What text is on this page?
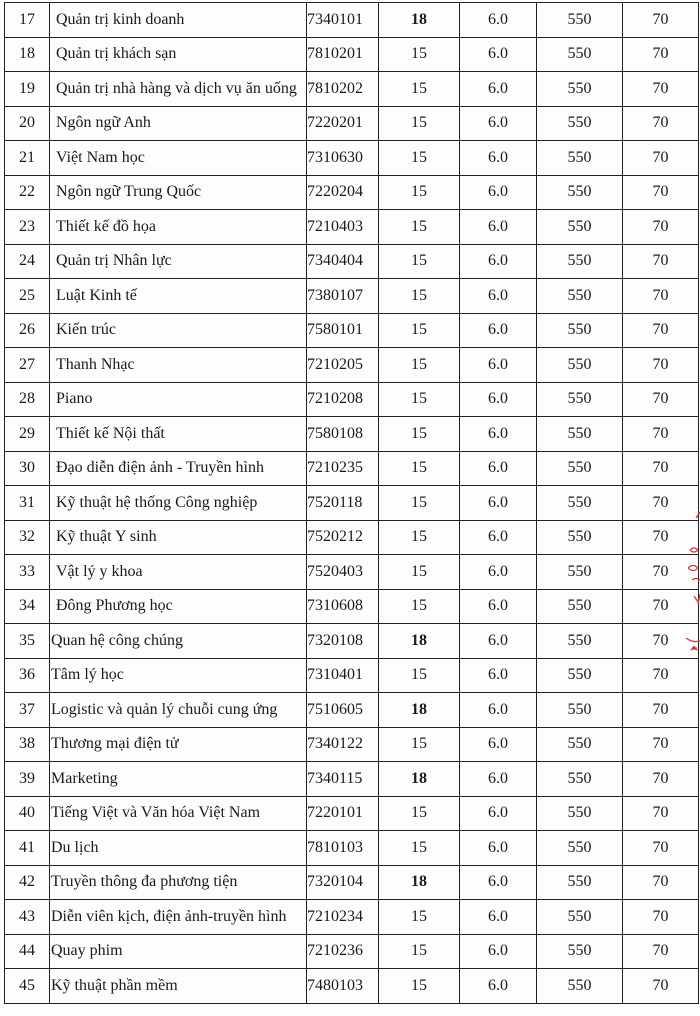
17	Quản trị kinh doanh	7340101	18	6.0	550	70
18	Quản trị khách sạn	7810201	15	6.0	550	70
19	Quản trị nhà hàng và dịch vụ ăn uống	7810202	15	6.0	550	70
20	Ngôn ngữ Anh	7220201	15	6.0	550	70
21	Việt Nam học	7310630	15	6.0	550	70
22	Ngôn ngữ Trung Quốc	7220204	15	6.0	550	70
23	Thiết kế đồ họa	7210403	15	6.0	550	70
24	Quản trị Nhân lực	7340404	15	6.0	550	70
25	Luật Kinh tế	7380107	15	6.0	550	70
26	Kiến trúc	7580101	15	6.0	550	70
27	Thanh Nhạc	7210205	15	6.0	550	70
28	Piano	7210208	15	6.0	550	70
29	Thiết kế Nội thất	7580108	15	6.0	550	70
30	Đạo diễn điện ảnh - Truyền hình	7210235	15	6.0	550	70
31	Kỹ thuật hệ thống Công nghiệp	7520118	15	6.0	550	70
32	Kỹ thuật Y sinh	7520212	15	6.0	550	70
33	Vật lý y khoa	7520403	15	6.0	550	70
34	Đông Phương học	7310608	15	6.0	550	70
35	Quan hệ công chúng	7320108	18	6.0	550	70
36	Tâm lý học	7310401	15	6.0	550	70
37	Logistic và quản lý chuỗi cung ứng	7510605	18	6.0	550	70
38	Thương mại điện tử	7340122	15	6.0	550	70
39	Marketing	7340115	18	6.0	550	70
40	Tiếng Việt và Văn hóa Việt Nam	7220101	15	6.0	550	70
41	Du lịch	7810103	15	6.0	550	70
42	Truyền thông đa phương tiện	7320104	18	6.0	550	70
43	Diễn viên kịch, điện ảnh-truyền hình	7210234	15	6.0	550	70
44	Quay phim	7210236	15	6.0	550	70
45	Kỹ thuật phần mềm	7480103	15	6.0	550	70
